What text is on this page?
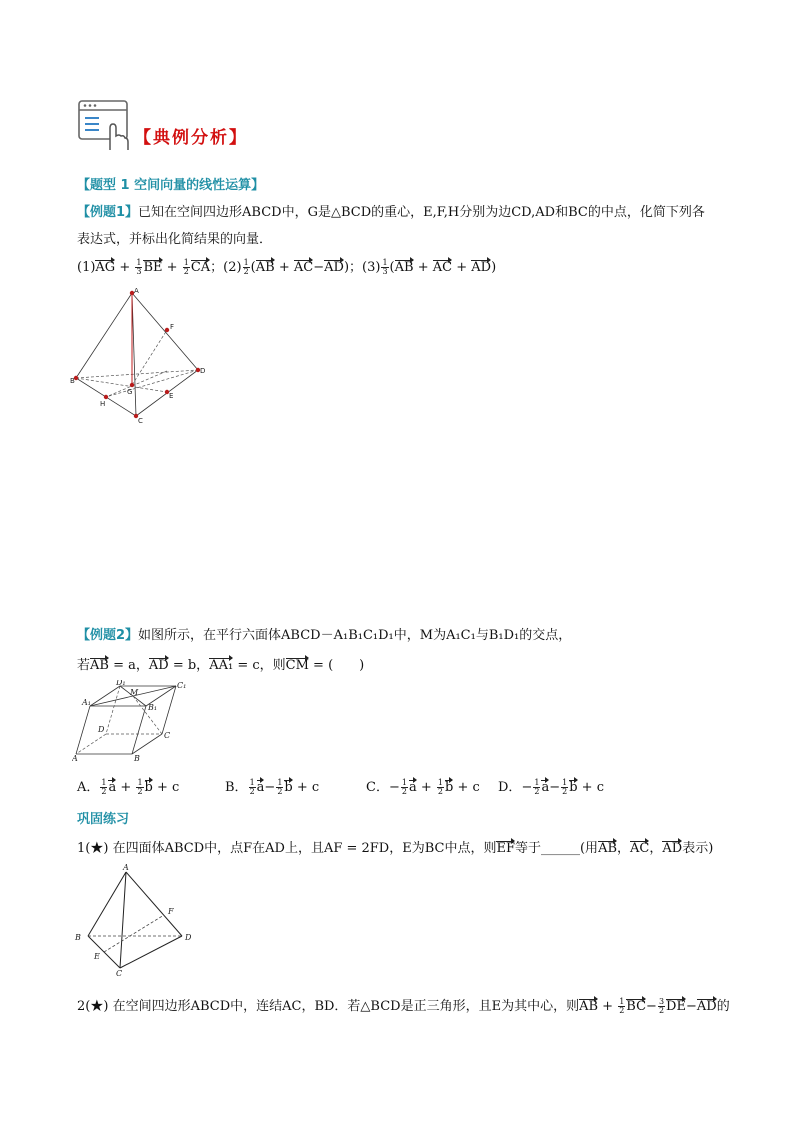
【典例分析】
【题型 1 空间向量的线性运算】
【例题1】已知在空间四边形ABCD中，G是△BCD的重心，E,F,H分别为边CD,AD和BC的中点，化简下列各
表达式，并标出化简结果的向量．
$(1)AG + \frac{1}{3}$ BE + $\frac{1}{2}$ CA；$(2) \frac{1}{2} (AB + AC-AD)$；$(3) \frac{1}{3} (AB$ + AC + AD)
A
B
C
D
E
F
G
H
【例题2】如图所示，在平行六面体ABCD－A₁B₁C₁D₁中，M为A₁C₁与B₁D₁的交点，
若AB = a，AD = b，AA₁ = c，则CM = (　　)
A	B
C
D
A₁
B₁
C₁
D₁
M
A． $\frac{1}{2}$ $a + \frac{1}{2}$ b + c	B． $\frac{1}{2} a- \frac{1}{2}$ b + c	C．− $\frac{1}{2}$ $a + \frac{1}{2}$ b + c D．− $\frac{1}{2} a- \frac{1}{2}$ b + c
巩固练习
1(★) 在四面体ABCD中，点F在AD上，且AF = 2FD，E为BC中点，则EF等于______(用AB，AC，AD表示)
A
B
C
D
E
F
2(★) 在空间四边形ABCD中，连结AC，BD．若△BCD是正三角形，且E为其中心，则AB + $\frac{1}{2} BC- \frac{3}{2} DE-AD$的
